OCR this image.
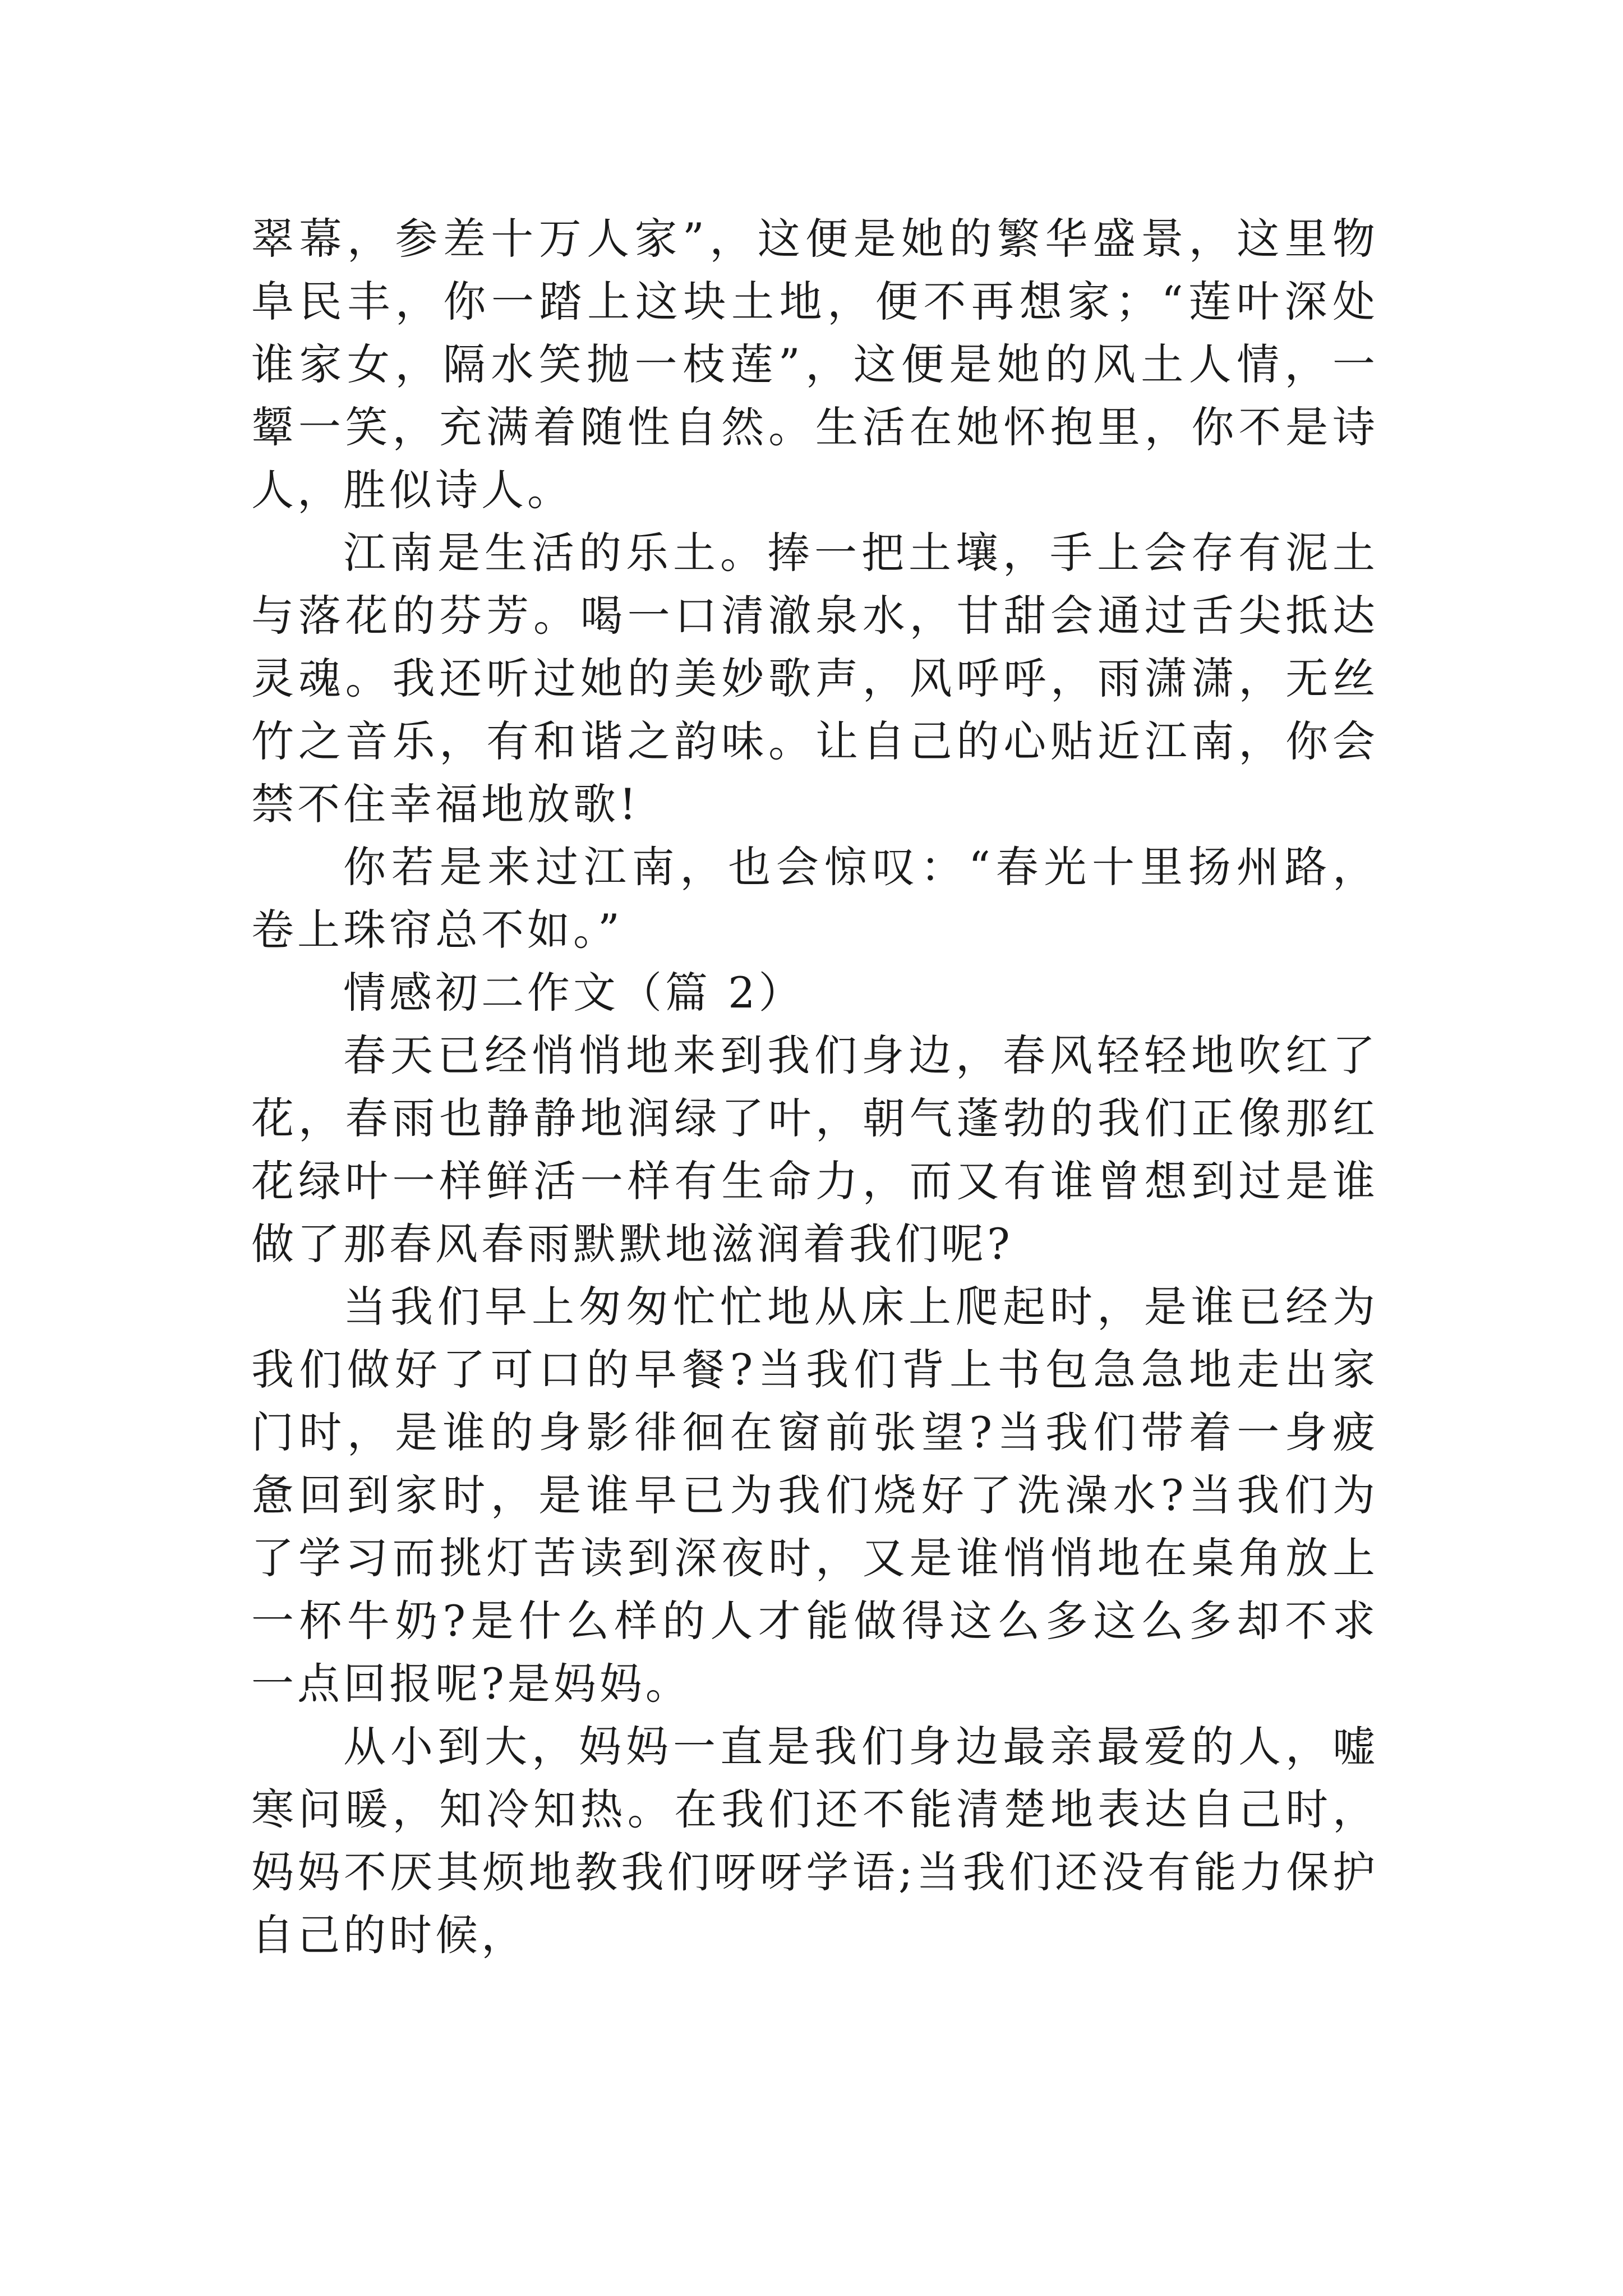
翠幕，参差十万人家”，这便是她的繁华盛景，这里物阜民丰，你一踏上这块土地，便不再想家；“莲叶深处谁家女，隔水笑抛一枝莲”，这便是她的风土人情，一颦一笑，充满着随性自然。生活在她怀抱里，你不是诗人，胜似诗人。

江南是生活的乐土。捧一把土壤，手上会存有泥土与落花的芬芳。喝一口清澈泉水，甘甜会通过舌尖抵达灵魂。我还听过她的美妙歌声，风呼呼，雨潇潇，无丝竹之音乐，有和谐之韵味。让自己的心贴近江南，你会禁不住幸福地放歌!

你若是来过江南，也会惊叹：“春光十里扬州路，卷上珠帘总不如。”

情感初二作文（篇 2）

春天已经悄悄地来到我们身边，春风轻轻地吹红了花，春雨也静静地润绿了叶，朝气蓬勃的我们正像那红花绿叶一样鲜活一样有生命力，而又有谁曾想到过是谁做了那春风春雨默默地滋润着我们呢?

当我们早上匆匆忙忙地从床上爬起时，是谁已经为我们做好了可口的早餐?当我们背上书包急急地走出家门时，是谁的身影徘徊在窗前张望?当我们带着一身疲惫回到家时，是谁早已为我们烧好了洗澡水?当我们为了学习而挑灯苦读到深夜时，又是谁悄悄地在桌角放上一杯牛奶?是什么样的人才能做得这么多这么多却不求一点回报呢?是妈妈。

从小到大，妈妈一直是我们身边最亲最爱的人，嘘寒问暖，知冷知热。在我们还不能清楚地表达自己时，妈妈不厌其烦地教我们呀呀学语;当我们还没有能力保护自己的时候，
